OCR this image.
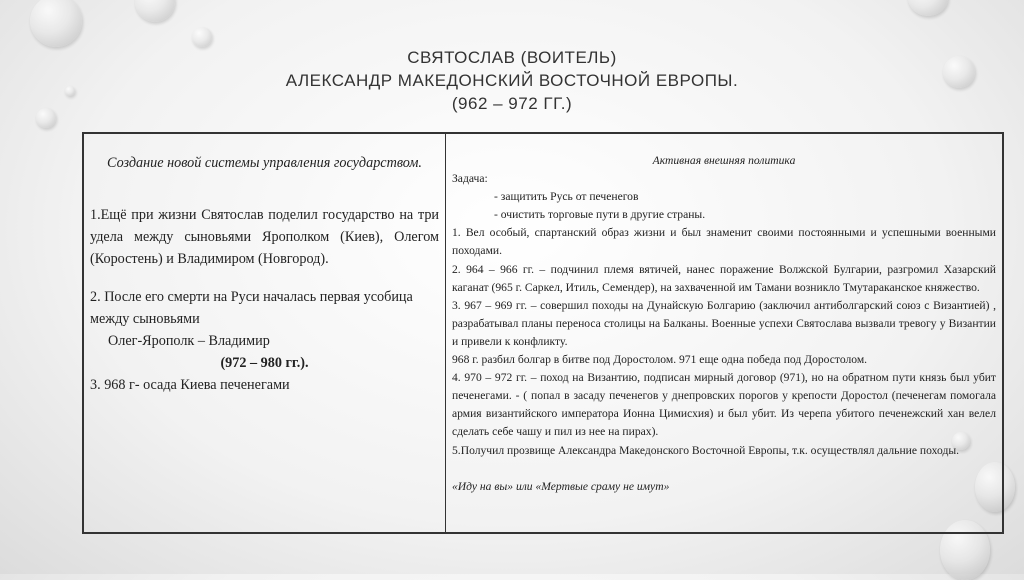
СВЯТОСЛАВ (ВОИТЕЛЬ)
АЛЕКСАНДР МАКЕДОНСКИЙ ВОСТОЧНОЙ ЕВРОПЫ.
(962 – 972 ГГ.)

Создание новой системы управления государством.

1.Ещё при жизни Святослав поделил государство на три удела между сыновьями Ярополком (Киев), Олегом (Коростень) и Владимиром (Новгород).

2. После его смерти на Руси началась первая усобица между сыновьями

Олег-Ярополк – Владимир

(972 – 980 гг.).

3. 968 г- осада Киева печенегами

Активная внешняя политика

Задача:

- защитить Русь от печенегов

- очистить торговые пути в другие страны.

1. Вел особый, спартанский образ жизни и был знаменит своими постоянными и успешными военными походами.

2. 964 – 966 гг. – подчинил племя вятичей, нанес поражение Волжской Булгарии, разгромил Хазарский каганат (965 г. Саркел, Итиль, Семендер), на захваченной им Тамани возникло Тмутараканское княжество.

3. 967 – 969 гг. – совершил походы на Дунайскую Болгарию (заключил антиболгарский союз с Византией) , разрабатывал планы переноса столицы на Балканы. Военные успехи Святослава вызвали тревогу у Византии и привели к конфликту.

968 г. разбил болгар в битве под Доростолом. 971 еще одна победа под Доростолом.

4. 970 – 972 гг. – поход на Византию, подписан мирный договор (971), но на обратном пути князь был убит печенегами. - ( попал в засаду печенегов у днепровских порогов у крепости Доростол (печенегам помогала армия византийского императора Ионна Цимисхия) и был убит. Из черепа убитого печенежский хан велел сделать себе чашу и пил из нее на пирах).

5.Получил прозвище Александра Македонского Восточной Европы, т.к. осуществлял дальние походы.

«Иду на вы» или «Мертвые сраму не имут»
